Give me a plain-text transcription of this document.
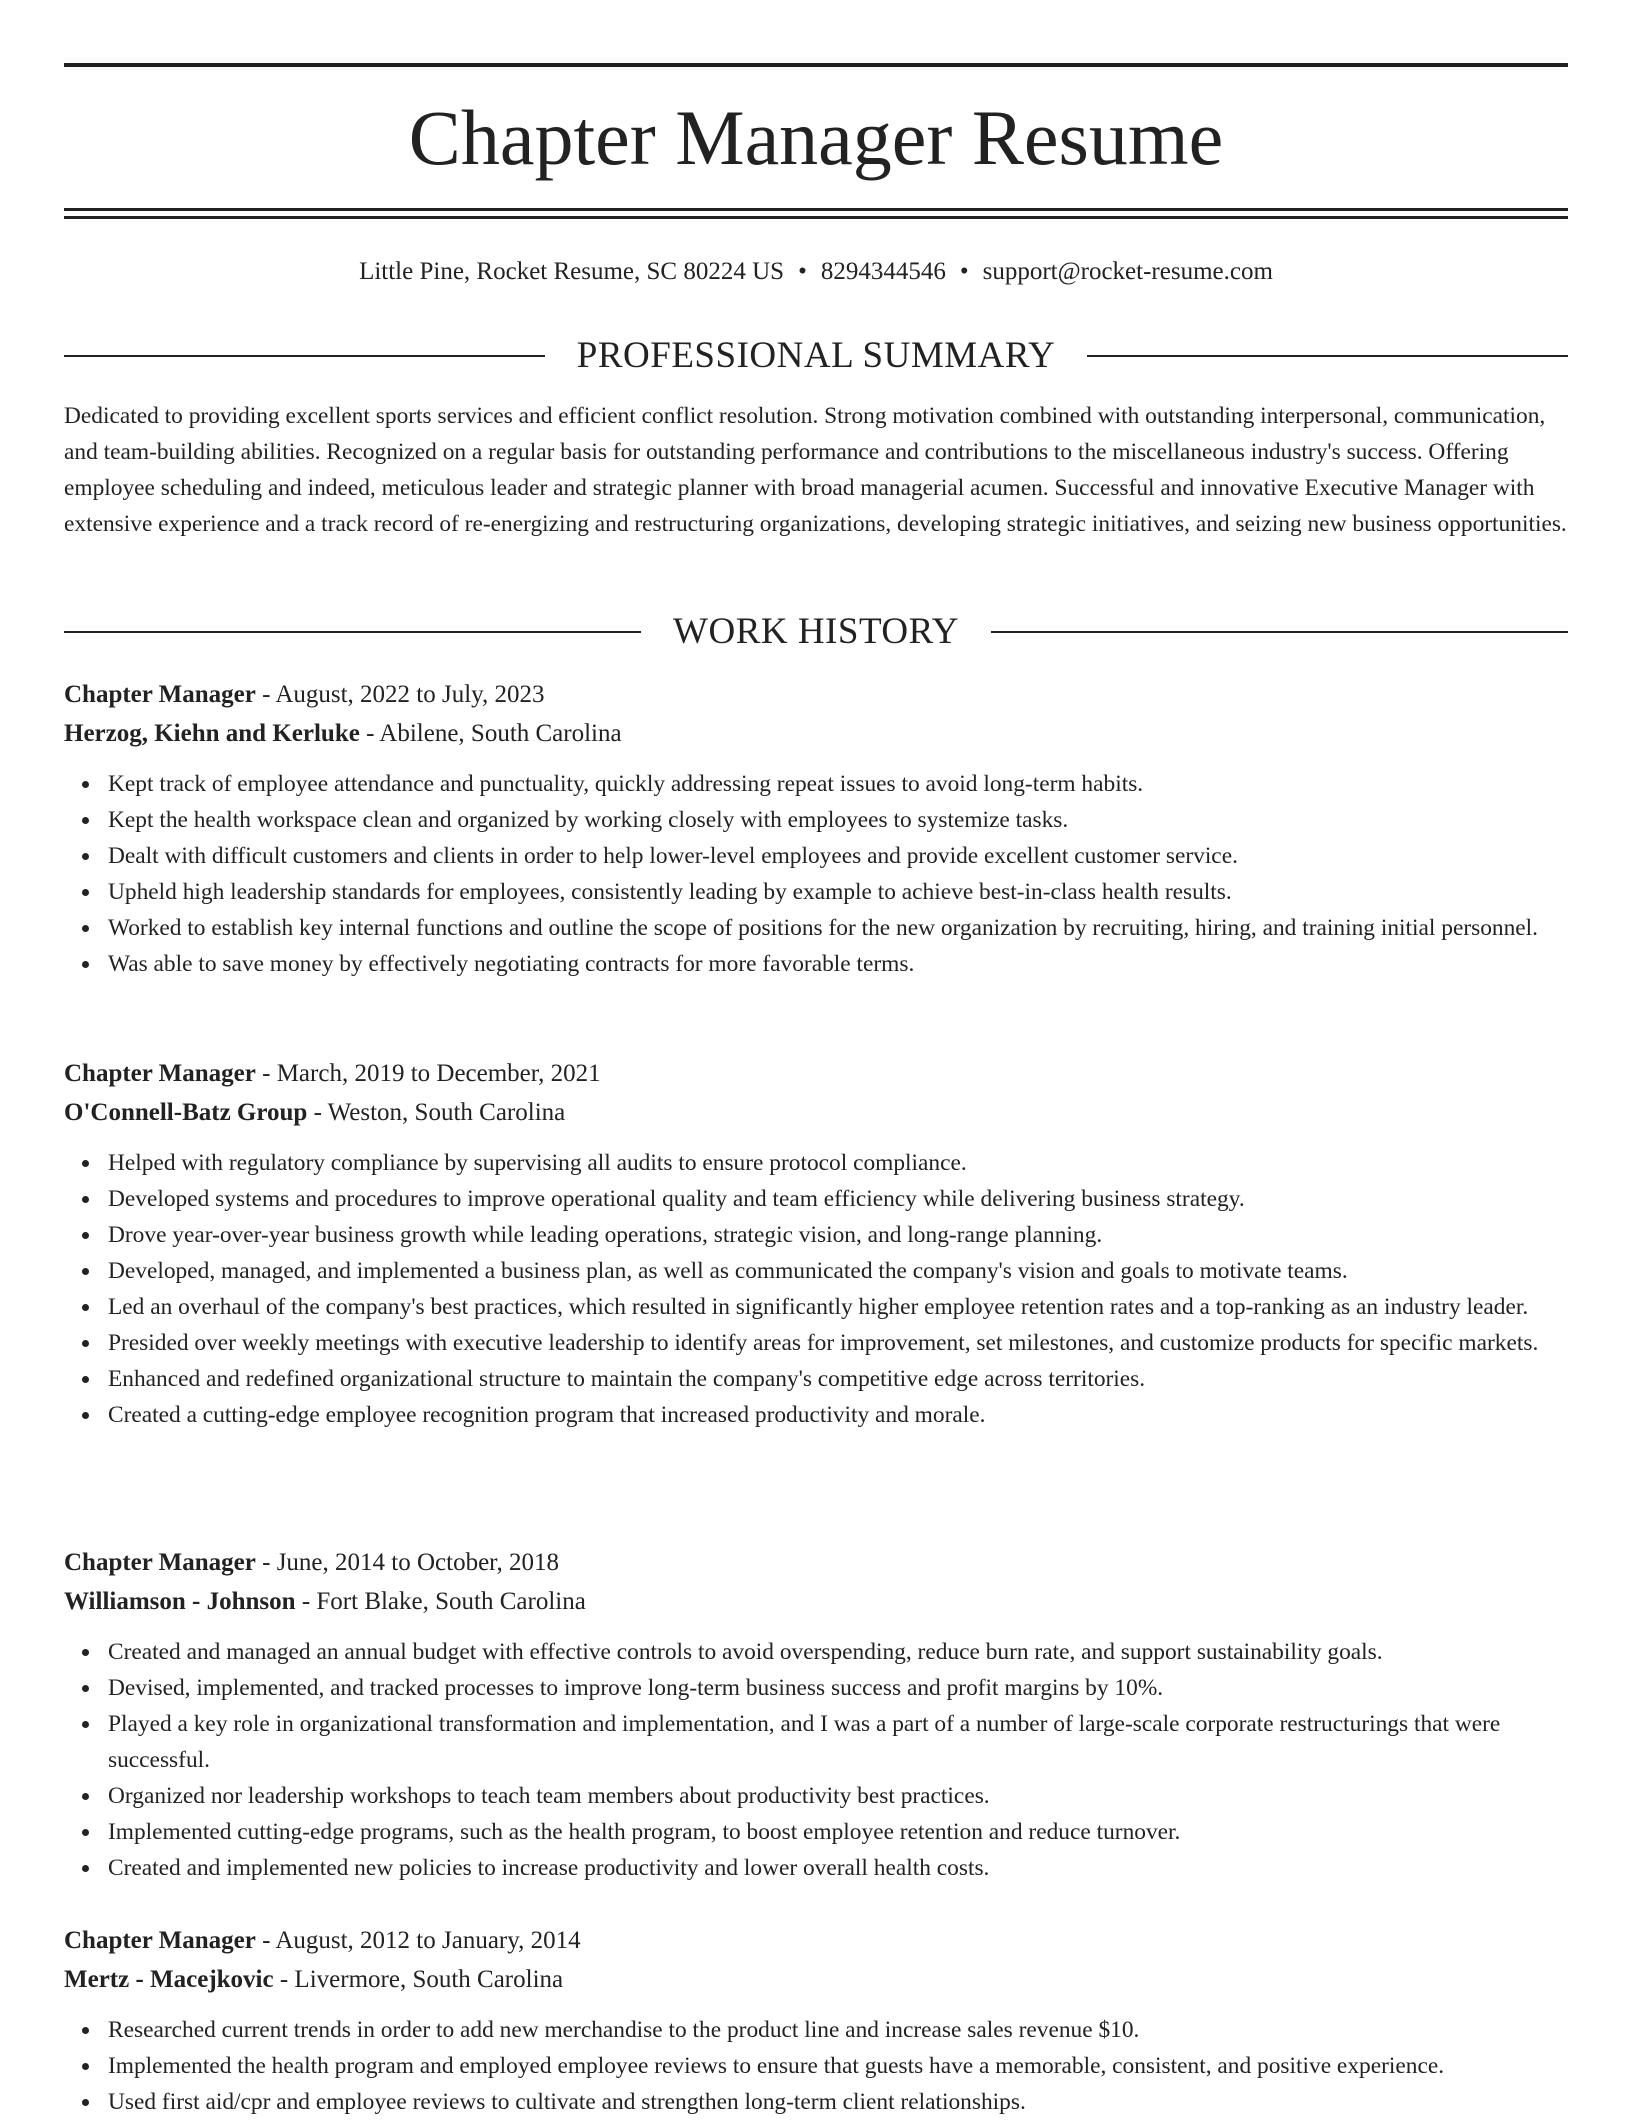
Chapter Manager Resume
Little Pine, Rocket Resume, SC 80224 US • 8294344546 • support@rocket-resume.com
PROFESSIONAL SUMMARY

Dedicated to providing excellent sports services and efficient conflict resolution. Strong motivation combined with outstanding interpersonal, communication, and team-building abilities. Recognized on a regular basis for outstanding performance and contributions to the miscellaneous industry's success. Offering employee scheduling and indeed, meticulous leader and strategic planner with broad managerial acumen. Successful and innovative Executive Manager with extensive experience and a track record of re-energizing and restructuring organizations, developing strategic initiatives, and seizing new business opportunities.

WORK HISTORY
Chapter Manager - August, 2022 to July, 2023
Herzog, Kiehn and Kerluke - Abilene, South Carolina
Kept track of employee attendance and punctuality, quickly addressing repeat issues to avoid long-term habits.
Kept the health workspace clean and organized by working closely with employees to systemize tasks.
Dealt with difficult customers and clients in order to help lower-level employees and provide excellent customer service.
Upheld high leadership standards for employees, consistently leading by example to achieve best-in-class health results.
Worked to establish key internal functions and outline the scope of positions for the new organization by recruiting, hiring, and training initial personnel.
Was able to save money by effectively negotiating contracts for more favorable terms.
Chapter Manager - March, 2019 to December, 2021
O'Connell-Batz Group - Weston, South Carolina
Helped with regulatory compliance by supervising all audits to ensure protocol compliance.
Developed systems and procedures to improve operational quality and team efficiency while delivering business strategy.
Drove year-over-year business growth while leading operations, strategic vision, and long-range planning.
Developed, managed, and implemented a business plan, as well as communicated the company's vision and goals to motivate teams.
Led an overhaul of the company's best practices, which resulted in significantly higher employee retention rates and a top-ranking as an industry leader.
Presided over weekly meetings with executive leadership to identify areas for improvement, set milestones, and customize products for specific markets.
Enhanced and redefined organizational structure to maintain the company's competitive edge across territories.
Created a cutting-edge employee recognition program that increased productivity and morale.
Chapter Manager - June, 2014 to October, 2018
Williamson - Johnson - Fort Blake, South Carolina
Created and managed an annual budget with effective controls to avoid overspending, reduce burn rate, and support sustainability goals.
Devised, implemented, and tracked processes to improve long-term business success and profit margins by 10%.
Played a key role in organizational transformation and implementation, and I was a part of a number of large-scale corporate restructurings that were successful.
Organized nor leadership workshops to teach team members about productivity best practices.
Implemented cutting-edge programs, such as the health program, to boost employee retention and reduce turnover.
Created and implemented new policies to increase productivity and lower overall health costs.
Chapter Manager - August, 2012 to January, 2014
Mertz - Macejkovic - Livermore, South Carolina
Researched current trends in order to add new merchandise to the product line and increase sales revenue $10.
Implemented the health program and employed employee reviews to ensure that guests have a memorable, consistent, and positive experience.
Used first aid/cpr and employee reviews to cultivate and strengthen long-term client relationships.
